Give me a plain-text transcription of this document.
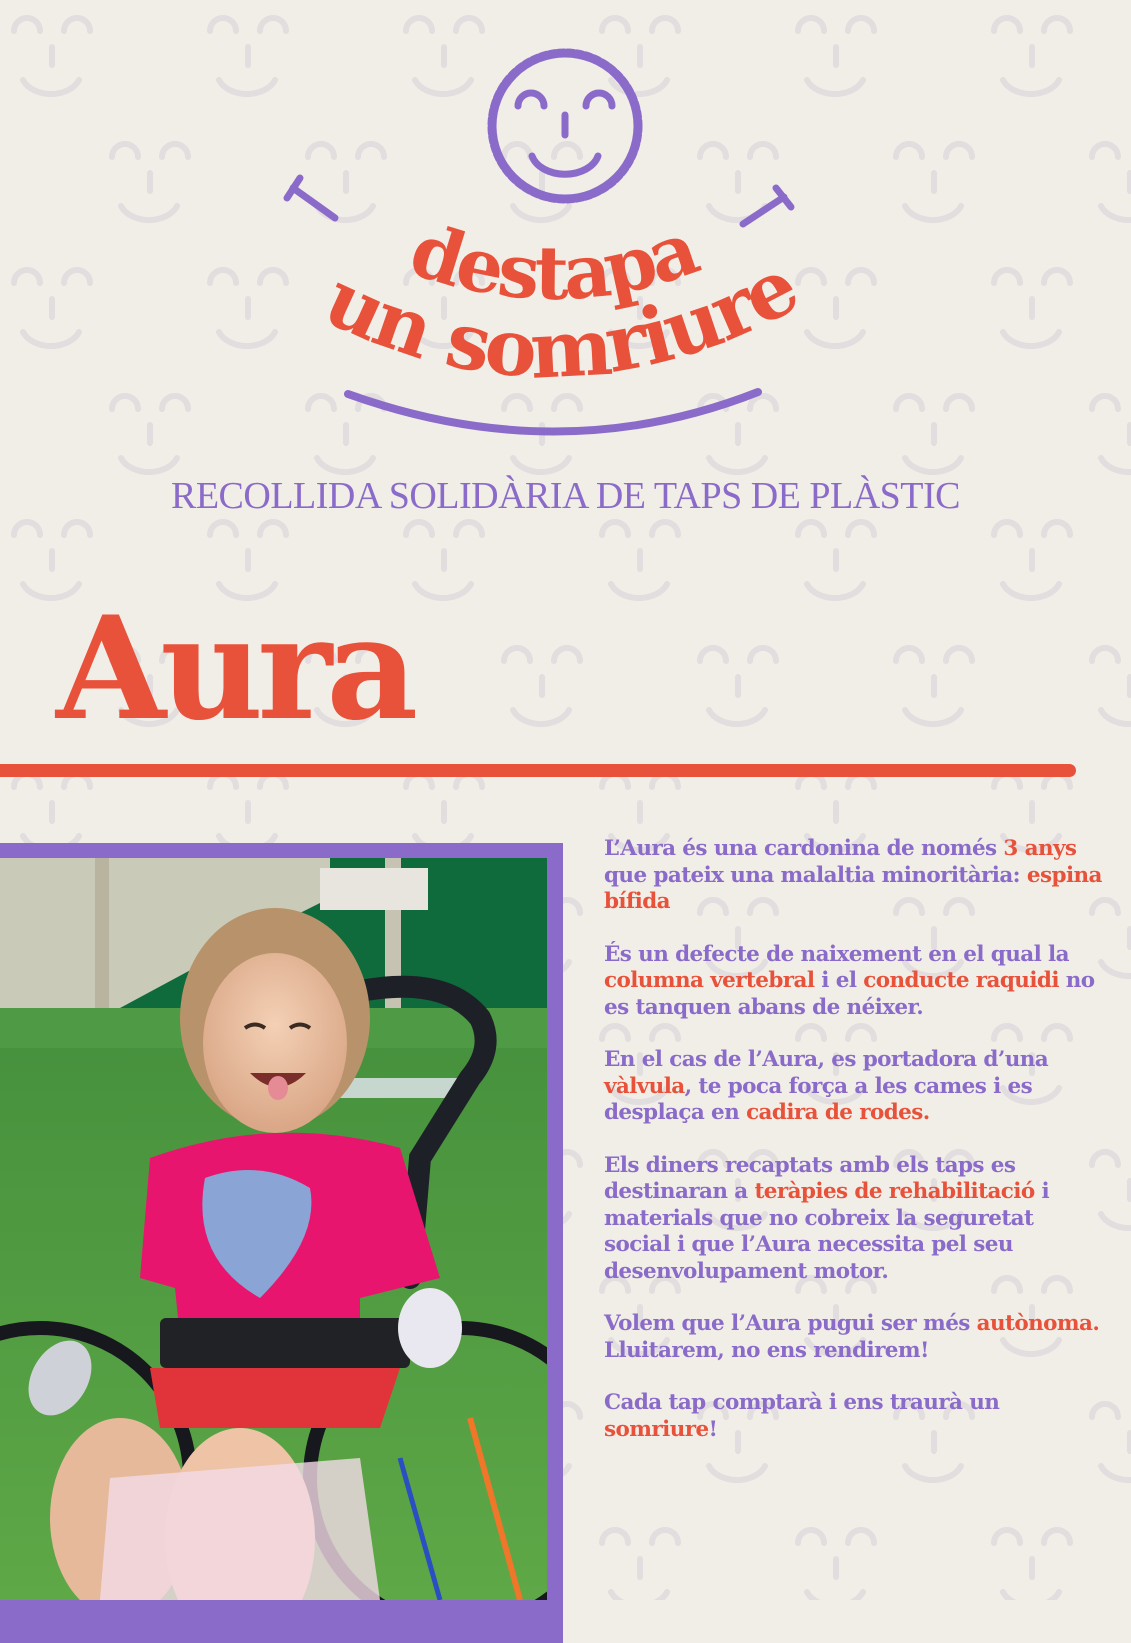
destapa
un somriure
RECOLLIDA SOLIDÀRIA DE TAPS DE PLÀSTIC
Aura

L’Aura és una cardonina de només 3 anys que pateix una malaltia minoritària: espina bífida

És un defecte de naixement en el qual la columna vertebral i el conducte raquidi no es tanquen abans de néixer.

En el cas de l’Aura, es portadora d’una vàlvula, te poca força a les cames i es desplaça en cadira de rodes.

Els diners recaptats amb els taps es destinaran a teràpies de rehabilitació i materials que no cobreix la seguretat social i que l’Aura necessita pel seu desenvolupament motor.

Volem que l’Aura pugui ser més autònoma. Lluitarem, no ens rendirem!

Cada tap comptarà i ens traurà un somriure!
